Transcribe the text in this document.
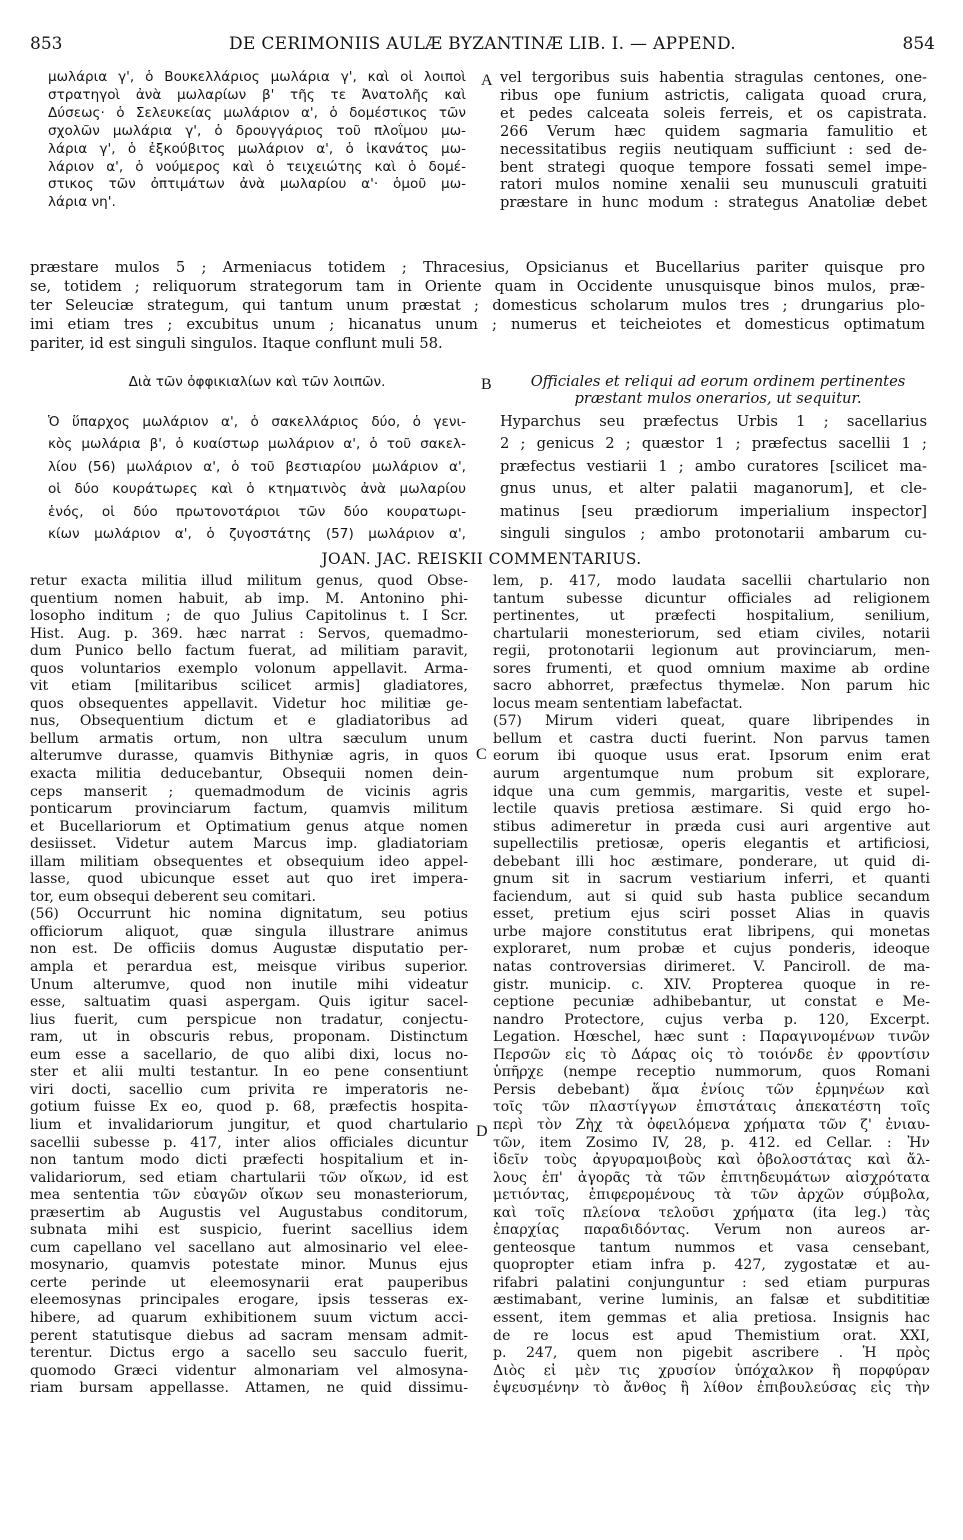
853	DE CERIMONIIS AULÆ BYZANTINÆ LIB. I. — APPEND.	854
μωλάρια γ', ὁ Βουκελλάριος μωλάρια γ', καὶ οἱ λοιποὶ
στρατηγοὶ ἀνὰ μωλαρίων β' τῆς τε Ἀνατολῆς καὶ
Δύσεως· ὁ Σελευκείας μωλάριον α', ὁ δομέστικος τῶν
σχολῶν μωλάρια γ', ὁ δρουγγάριος τοῦ πλοΐμου μω-
λάρια γ', ὁ ἐξκούβιτος μωλάριον α', ὁ ἱκανάτος μω-
λάριον α', ὁ νούμερος καὶ ὁ τειχειώτης καὶ ὁ δομέ-
στικος τῶν ὀπτιμάτων ἀνὰ μωλαρίου α'· ὁμοῦ μω-
λάρια νη'.
vel tergoribus suis habentia stragulas centones, one-
ribus ope funium astrictis, caligata quoad crura,
et pedes calceata soleis ferreis, et os capistrata.
266 Verum hæc quidem sagmaria famulitio et
necessitatibus regiis neutiquam sufficiunt : sed de-
bent strategi quoque tempore fossati semel impe-
ratori mulos nomine xenalii seu munusculi gratuiti
præstare in hunc modum : strategus Anatoliæ debet
A
præstare mulos 5 ; Armeniacus totidem ; Thracesius, Opsicianus et Bucellarius pariter quisque pro
se, totidem ; reliquorum strategorum tam in Oriente quam in Occidente unusquisque binos mulos, præ-
ter Seleuciæ strategum, qui tantum unum præstat ; domesticus scholarum mulos tres ; drungarius plo-
imi etiam tres ; excubitus unum ; hicanatus unum ; numerus et teicheiotes et domesticus optimatum
pariter, id est singuli singulos. Itaque conflunt muli 58.
Διὰ τῶν ὀφφικιαλίων καὶ τῶν λοιπῶν.	B	Officiales et reliqui ad eorum ordinem pertinentes
præstant mulos onerarios, ut sequitur.
Ὁ ὕπαρχος μωλάριον α', ὁ σακελλάριος δύο, ὁ γενι-
κὸς μωλάρια β', ὁ κυαίστωρ μωλάριον α', ὁ τοῦ σακελ-
λίου (56) μωλάριον α', ὁ τοῦ βεστιαρίου μωλάριον α',
οἱ δύο κουράτωρες καὶ ὁ κτηματινὸς ἀνὰ μωλαρίου
ἑνός, οἱ δύο πρωτονοτάριοι τῶν δύο κουρατωρι-
κίων μωλάριον α', ὁ ζυγοστάτης (57) μωλάριον α',
Hyparchus seu præfectus Urbis 1 ; sacellarius
2 ; genicus 2 ; quæstor 1 ; præfectus sacellii 1 ;
præfectus vestiarii 1 ; ambo curatores [scilicet ma-
gnus unus, et alter palatii maganorum], et cle-
matinus [seu prædiorum imperialium inspector]
singuli singulos ; ambo protonotarii ambarum cu-
JOAN. JAC. REISKII COMMENTARIUS.
retur exacta militia illud militum genus, quod Obse-
quentium nomen habuit, ab imp. M. Antonino phi-
losopho inditum ; de quo Julius Capitolinus t. I Scr.
Hist. Aug. p. 369. hæc narrat : Servos, quemadmo-
dum Punico bello factum fuerat, ad militiam paravit,
quos voluntarios exemplo volonum appellavit. Arma-
vit etiam [militaribus scilicet armis] gladiatores,
quos obsequentes appellavit. Videtur hoc militiæ ge-
nus, Obsequentium dictum et e gladiatoribus ad
bellum armatis ortum, non ultra sæculum unum
alterumve durasse, quamvis Bithyniæ agris, in quos
exacta militia deducebantur, Obsequii nomen dein-
ceps manserit ; quemadmodum de vicinis agris
ponticarum provinciarum factum, quamvis militum
et Bucellariorum et Optimatium genus atque nomen
desiisset. Videtur autem Marcus imp. gladiatoriam
illam militiam obsequentes et obsequium ideo appel-
lasse, quod ubicunque esset aut quo iret impera-
tor, eum obsequi deberent seu comitari.
(56) Occurrunt hic nomina dignitatum, seu potius
officiorum aliquot, quæ singula illustrare animus
non est. De officiis domus Augustæ disputatio per-
ampla et perardua est, meisque viribus superior.
Unum alterumve, quod non inutile mihi videatur
esse, saltuatim quasi aspergam. Quis igitur sacel-
lius fuerit, cum perspicue non tradatur, conjectu-
ram, ut in obscuris rebus, proponam. Distinctum
eum esse a sacellario, de quo alibi dixi, locus no-
ster et alii multi testantur. In eo pene consentiunt
viri docti, sacellio cum privita re imperatoris ne-
gotium fuisse Ex eo, quod p. 68, præfectis hospita-
lium et invalidariorum jungitur, et quod chartulario
sacellii subesse p. 417, inter alios officiales dicuntur
non tantum modo dicti præfecti hospitalium et in-
validariorum, sed etiam chartularii τῶν οἴκων, id est
mea sententia τῶν εὐαγῶν οἴκων seu monasteriorum,
præsertim ab Augustis vel Augustabus conditorum,
subnata mihi est suspicio, fuerint sacellius idem
cum capellano vel sacellano aut almosinario vel elee-
mosynario, quamvis potestate minor. Munus ejus
certe perinde ut eleemosynarii erat pauperibus
eleemosynas principales erogare, ipsis tesseras ex-
hibere, ad quarum exhibitionem suum victum acci-
perent statutisque diebus ad sacram mensam admit-
terentur. Dictus ergo a sacello seu sacculo fuerit,
quomodo Græci videntur almonariam vel almosyna-
riam bursam appellasse. Attamen, ne quid dissimu-
lem, p. 417, modo laudata sacellii chartulario non
tantum subesse dicuntur officiales ad religionem
pertinentes, ut præfecti hospitalium, senilium,
chartularii monesteriorum, sed etiam civiles, notarii
regii, protonotarii legionum aut provinciarum, men-
sores frumenti, et quod omnium maxime ab ordine
sacro abhorret, præfectus thymelæ. Non parum hic
locus meam sententiam labefactat.
(57) Mirum videri queat, quare libripendes in
bellum et castra ducti fuerint. Non parvus tamen
eorum ibi quoque usus erat. Ipsorum enim erat
aurum argentumque num probum sit explorare,
idque una cum gemmis, margaritis, veste et supel-
lectile quavis pretiosa æstimare. Si quid ergo ho-
stibus adimeretur in præda cusi auri argentive aut
supellectilis pretiosæ, operis elegantis et artificiosi,
debebant illi hoc æstimare, ponderare, ut quid di-
gnum sit in sacrum vestiarium inferri, et quanti
faciendum, aut si quid sub hasta publice secandum
esset, pretium ejus sciri posset Alias in quavis
urbe majore constitutus erat libripens, qui monetas
exploraret, num probæ et cujus ponderis, ideoque
natas controversias dirimeret. V. Panciroll. de ma-
gistr. municip. c. XIV. Propterea quoque in re-
ceptione pecuniæ adhibebantur, ut constat e Me-
nandro Protectore, cujus verba p. 120, Excerpt.
Legation. Hœschel, hæc sunt : Παραγινομένων τινῶν
Περσῶν εἰς τὸ Δάρας οἷς τὸ τοιόνδε ἐν φροντίσιν
ὑπῆρχε (nempe receptio nummorum, quos Romani
Persis debebant) ἅμα ἐνίοις τῶν ἑρμηνέων καὶ
τοῖς τῶν πλαστίγγων ἐπιστάταις ἀπεκατέστη τοῖς
περὶ τὸν Ζὴχ τὰ ὀφειλόμενα χρήματα τῶν ζ' ἐνιαυ-
τῶν, item Zosimo IV, 28, p. 412. ed Cellar. : Ἦν
ἰδεῖν τοὺς ἀργυραμοιβοὺς καὶ ὀβολοστάτας καὶ ἄλ-
λους ἐπ' ἀγορᾶς τὰ τῶν ἐπιτηδευμάτων αἰσχρότατα
μετιόντας, ἐπιφερομένους τὰ τῶν ἀρχῶν σύμβολα,
καὶ τοῖς πλείονα τελοῦσι χρήματα (ita leg.) τὰς
ἐπαρχίας παραδιδόντας. Verum non aureos ar-
genteosque tantum nummos et vasa censebant,
quopropter etiam infra p. 427, zygostatæ et au-
rifabri palatini conjunguntur : sed etiam purpuras
æstimabant, verine luminis, an falsæ et subdititiæ
essent, item gemmas et alia pretiosa. Insignis hac
de re locus est apud Themistium orat. XXI,
p. 247, quem non pigebit ascribere . Ἡ πρὸς
Διὸς εἰ μὲν τις χρυσίον ὑπόχαλκον ἢ πορφύραν
ἐψευσμένην τὸ ἄνθος ἢ λίθον ἐπιβουλεύσας εἰς τὴν
C
D
